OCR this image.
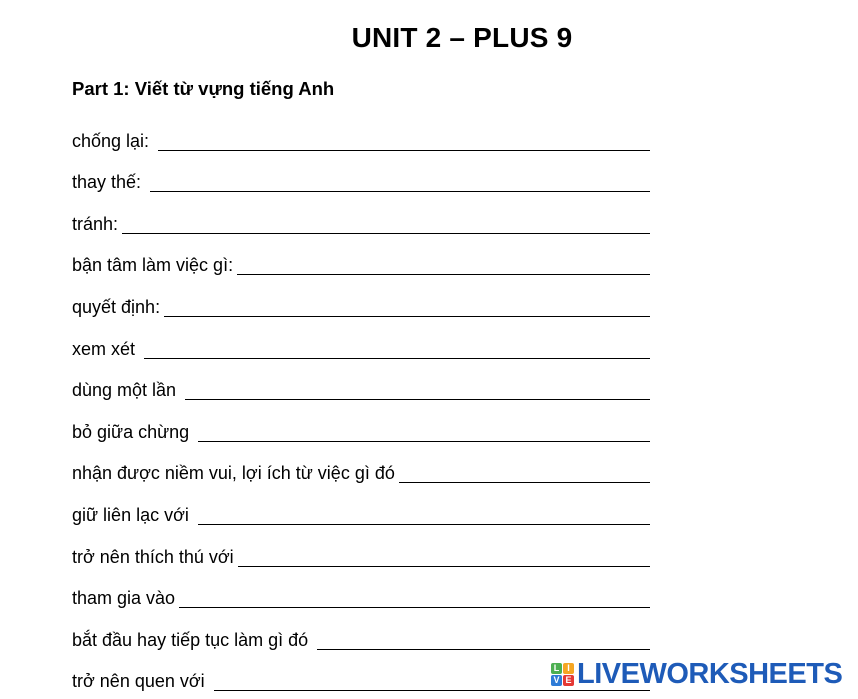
UNIT 2 – PLUS 9
Part 1: Viết từ vựng tiếng Anh
chống lại:
thay thế:
tránh:
bận tâm làm việc gì:
quyết định:
xem xét
dùng một lần
bỏ giữa chừng
nhận được niềm vui, lợi ích từ việc gì đó
giữ liên lạc với
trở nên thích thú với
tham gia vào
bắt đầu hay tiếp tục làm gì đó
trở nên quen với
L I
V E LIVEWORKSHEETS
